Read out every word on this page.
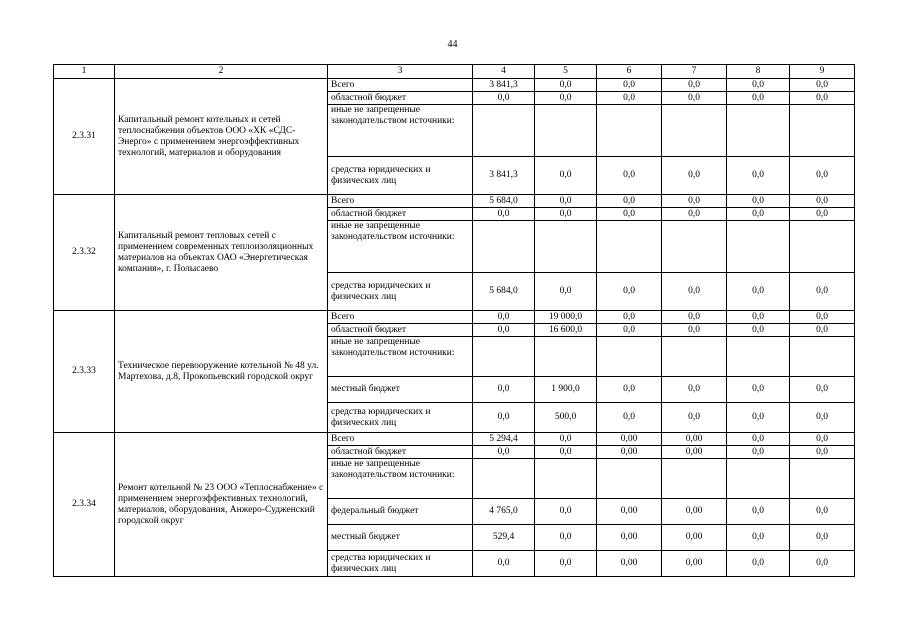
44
1	2	3	4	5	6	7	8	9
2.3.31	Капитальный ремонт котельных и сетей теплоснабжения объектов ООО «ХК «СДС-Энерго» с применением энергоэффективных технологий, материалов и оборудования	Всего	3 841,3	0,0	0,0	0,0	0,0	0,0
		областной бюджет	0,0	0,0	0,0	0,0	0,0	0,0
		иные не запрещенные законодательством источники:						
		средства юридических и физических лиц	3 841,3	0,0	0,0	0,0	0,0	0,0
2.3.32	Капитальный ремонт тепловых сетей с применением современных теплоизоляционных материалов на объектах ОАО «Энергетическая компания», г. Полысаево	Всего	5 684,0	0,0	0,0	0,0	0,0	0,0
		областной бюджет	0,0	0,0	0,0	0,0	0,0	0,0
		иные не запрещенные законодательством источники:						
		средства юридических и физических лиц	5 684,0	0,0	0,0	0,0	0,0	0,0
2.3.33	Техническое перевооружение котельной № 48 ул. Мартехова, д.8, Прокопьевский городской округ	Всего	0,0	19 000,0	0,0	0,0	0,0	0,0
		областной бюджет	0,0	16 600,0	0,0	0,0	0,0	0,0
		иные не запрещенные законодательством источники:						
		местный бюджет	0,0	1 900,0	0,0	0,0	0,0	0,0
		средства юридических и физических лиц	0,0	500,0	0,0	0,0	0,0	0,0
2.3.34	Ремонт котельной № 23 ООО «Теплоснабжение» с применением энергоэффективных технологий, материалов, оборудования, Анжеро-Судженский городской округ	Всего	5 294,4	0,0	0,00	0,00	0,0	0,0
		областной бюджет	0,0	0,0	0,00	0,00	0,0	0,0
		иные не запрещенные законодательством источники:						
		федеральный бюджет	4 765,0	0,0	0,00	0,00	0,0	0,0
		местный бюджет	529,4	0,0	0,00	0,00	0,0	0,0
		средства юридических и физических лиц	0,0	0,0	0,00	0,00	0,0	0,0
